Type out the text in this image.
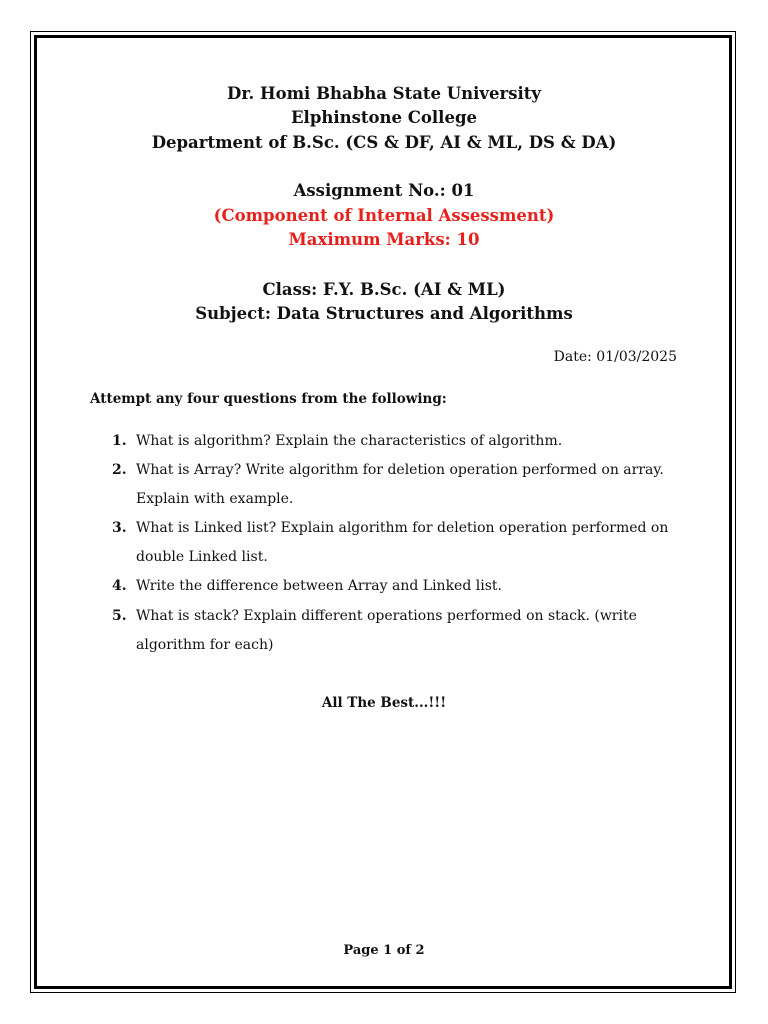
Dr. Homi Bhabha State University
Elphinstone College
Department of B.Sc. (CS & DF, AI & ML, DS & DA)
Assignment No.: 01
(Component of Internal Assessment)
Maximum Marks: 10
Class: F.Y. B.Sc. (AI & ML)
Subject: Data Structures and Algorithms
Date: 01/03/2025
Attempt any four questions from the following:
1. What is algorithm? Explain the characteristics of algorithm.
2. What is Array? Write algorithm for deletion operation performed on array.
Explain with example.
3. What is Linked list? Explain algorithm for deletion operation performed on
double Linked list.
4. Write the difference between Array and Linked list.
5. What is stack? Explain different operations performed on stack. (write
algorithm for each)
All The Best...!!!
Page 1 of 2
